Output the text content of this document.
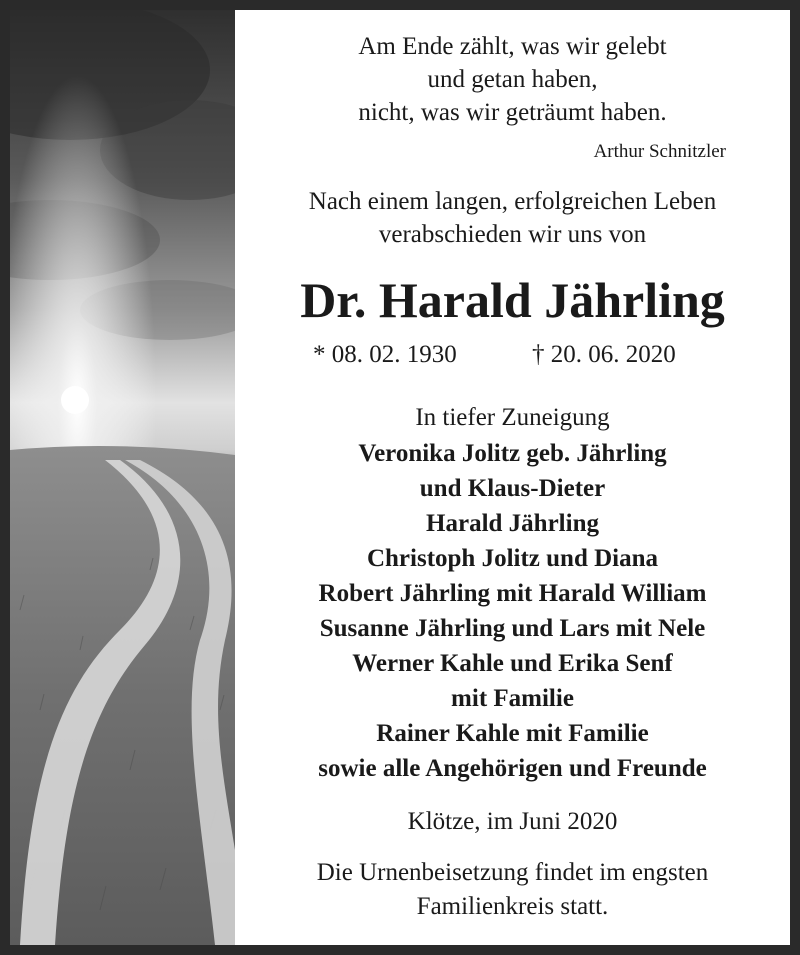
Am Ende zählt, was wir gelebt
und getan haben,
nicht, was wir geträumt haben.
Arthur Schnitzler
Nach einem langen, erfolgreichen Leben
verabschieden wir uns von
Dr. Harald Jährling
* 08. 02. 1930	† 20. 06. 2020
In tiefer Zuneigung
Veronika Jolitz geb. Jährling
und Klaus-Dieter
Harald Jährling
Christoph Jolitz und Diana
Robert Jährling mit Harald William
Susanne Jährling und Lars mit Nele
Werner Kahle und Erika Senf
mit Familie
Rainer Kahle mit Familie
sowie alle Angehörigen und Freunde
Klötze, im Juni 2020
Die Urnenbeisetzung findet im engsten
Familienkreis statt.
